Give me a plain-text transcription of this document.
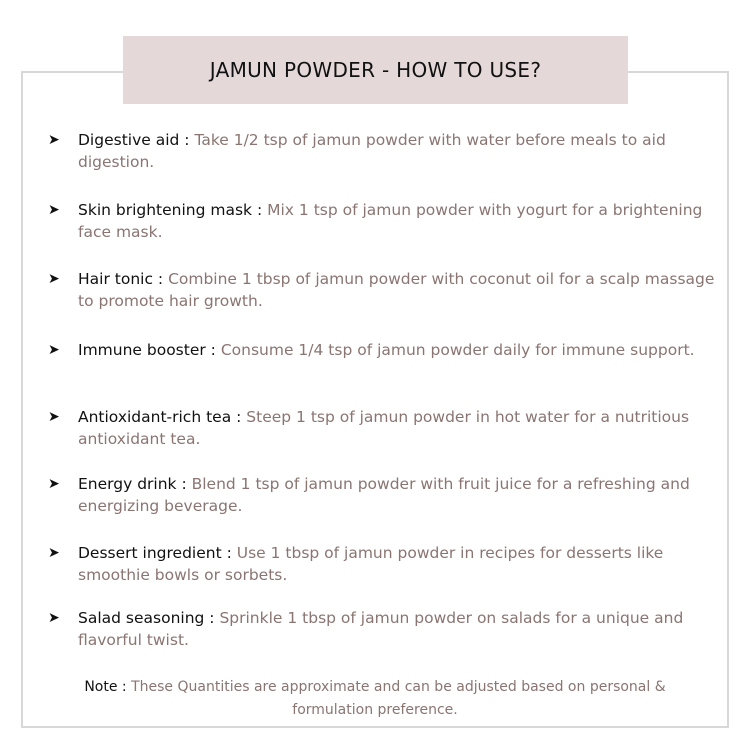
JAMUN POWDER - HOW TO USE?
➤	Digestive aid : Take 1/2 tsp of jamun powder with water before meals to aid digestion.
➤	Skin brightening mask : Mix 1 tsp of jamun powder with yogurt for a brightening face mask.
➤	Hair tonic : Combine 1 tbsp of jamun powder with coconut oil for a scalp massage to promote hair growth.
➤	Immune booster : Consume 1/4 tsp of jamun powder daily for immune support.
➤	Antioxidant-rich tea : Steep 1 tsp of jamun powder in hot water for a nutritious antioxidant tea.
➤	Energy drink : Blend 1 tsp of jamun powder with fruit juice for a refreshing and energizing beverage.
➤	Dessert ingredient : Use 1 tbsp of jamun powder in recipes for desserts like smoothie bowls or sorbets.
➤	Salad seasoning : Sprinkle 1 tbsp of jamun powder on salads for a unique and flavorful twist.
Note : These Quantities are approximate and can be adjusted based on personal & formulation preference.
